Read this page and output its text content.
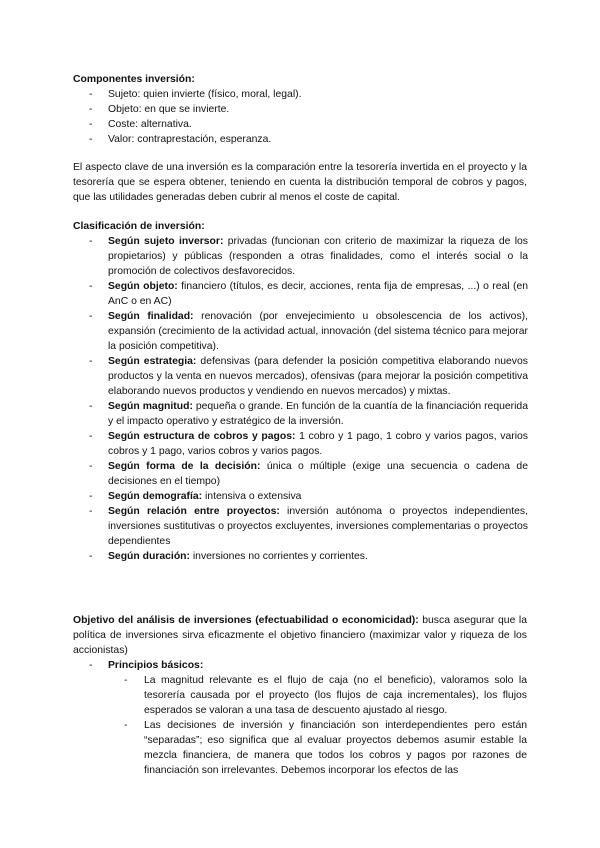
Componentes inversión:
- Sujeto: quien invierte (físico, moral, legal).
- Objeto: en que se invierte.
- Coste: alternativa.
- Valor: contraprestación, esperanza.
El aspecto clave de una inversión es la comparación entre la tesorería invertida en el proyecto y la tesorería que se espera obtener, teniendo en cuenta la distribución temporal de cobros y pagos, que las utilidades generadas deben cubrir al menos el coste de capital.
Clasificación de inversión:
- Según sujeto inversor: privadas (funcionan con criterio de maximizar la riqueza de los propietarios) y públicas (responden a otras finalidades, como el interés social o la promoción de colectivos desfavorecidos.
- Según objeto: financiero (títulos, es decir, acciones, renta fija de empresas, ...) o real (en AnC o en AC)
- Según finalidad: renovación (por envejecimiento u obsolescencia de los activos), expansión (crecimiento de la actividad actual, innovación (del sistema técnico para mejorar la posición competitiva).
- Según estrategia: defensivas (para defender la posición competitiva elaborando nuevos productos y la venta en nuevos mercados), ofensivas (para mejorar la posición competitiva elaborando nuevos productos y vendiendo en nuevos mercados) y mixtas.
- Según magnitud: pequeña o grande. En función de la cuantía de la financiación requerida y el impacto operativo y estratégico de la inversión.
- Según estructura de cobros y pagos: 1 cobro y 1 pago, 1 cobro y varios pagos, varios cobros y 1 pago, varios cobros y varios pagos.
- Según forma de la decisión: única o múltiple (exige una secuencia o cadena de decisiones en el tiempo)
- Según demografía: intensiva o extensiva
- Según relación entre proyectos: inversión autónoma o proyectos independientes, inversiones sustitutivas o proyectos excluyentes, inversiones complementarias o proyectos dependientes
- Según duración: inversiones no corrientes y corrientes.
Objetivo del análisis de inversiones (efectuabilidad o economicidad): busca asegurar que la política de inversiones sirva eficazmente el objetivo financiero (maximizar valor y riqueza de los accionistas)
- Principios básicos:
- La magnitud relevante es el flujo de caja (no el beneficio), valoramos solo la tesorería causada por el proyecto (los flujos de caja incrementales), los flujos esperados se valoran a una tasa de descuento ajustado al riesgo.
- Las decisiones de inversión y financiación son interdependientes pero están “separadas”; eso significa que al evaluar proyectos debemos asumir estable la mezcla financiera, de manera que todos los cobros y pagos por razones de financiación son irrelevantes. Debemos incorporar los efectos de las
